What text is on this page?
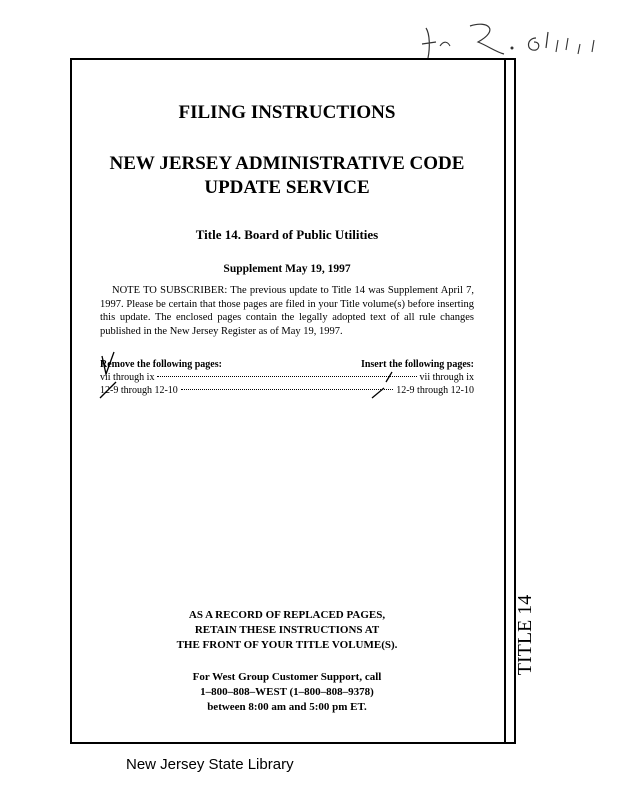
TITLE 14
FILING INSTRUCTIONS
NEW JERSEY ADMINISTRATIVE CODE
UPDATE SERVICE
Title 14. Board of Public Utilities
Supplement May 19, 1997
NOTE TO SUBSCRIBER: The previous update to Title 14 was Supplement April 7, 1997. Please be certain that those pages are filed in your Title volume(s) before inserting this update. The enclosed pages contain the legally adopted text of all rule changes published in the New Jersey Register as of May 19, 1997.
Remove the following pages:	Insert the following pages:
vii through ix	vii through ix
12-9 through 12-10	12-9 through 12-10
AS A RECORD OF REPLACED PAGES,
RETAIN THESE INSTRUCTIONS AT
THE FRONT OF YOUR TITLE VOLUME(S).
For West Group Customer Support, call
1–800–808–WEST (1–800–808–9378)
between 8:00 am and 5:00 pm ET.
New Jersey State Library
